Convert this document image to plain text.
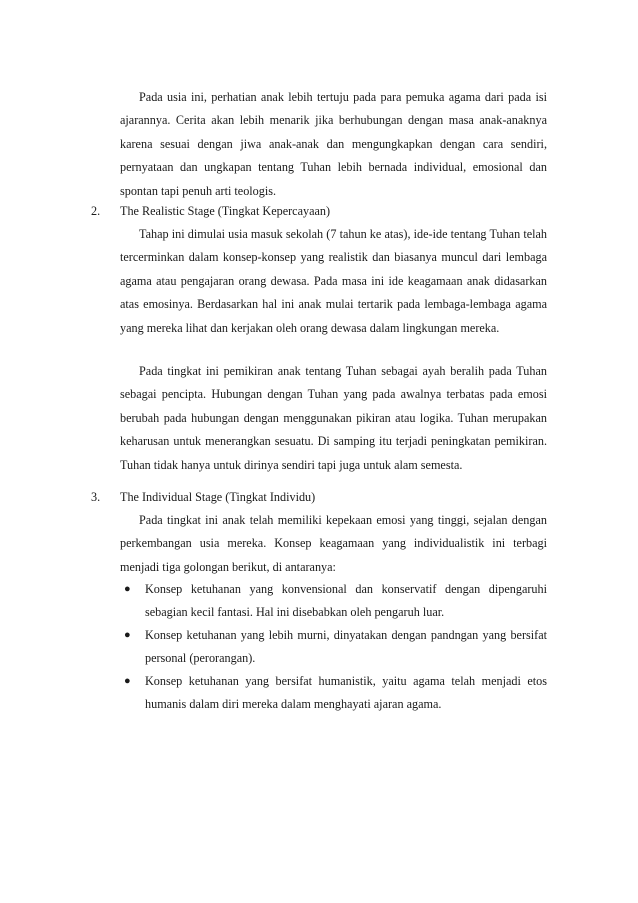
Pada usia ini, perhatian anak lebih tertuju pada para pemuka agama dari pada isi ajarannya. Cerita akan lebih menarik jika berhubungan dengan masa anak-anaknya karena sesuai dengan jiwa anak-anak dan mengungkapkan dengan cara sendiri, pernyataan dan ungkapan tentang Tuhan lebih bernada individual, emosional dan spontan tapi penuh arti teologis.

2. The Realistic Stage (Tingkat Kepercayaan)

Tahap ini dimulai usia masuk sekolah (7 tahun ke atas), ide-ide tentang Tuhan telah tercerminkan dalam konsep-konsep yang realistik dan biasanya muncul dari lembaga agama atau pengajaran orang dewasa. Pada masa ini ide keagamaan anak didasarkan atas emosinya. Berdasarkan hal ini anak mulai tertarik pada lembaga-lembaga agama yang mereka lihat dan kerjakan oleh orang dewasa dalam lingkungan mereka.

Pada tingkat ini pemikiran anak tentang Tuhan sebagai ayah beralih pada Tuhan sebagai pencipta. Hubungan dengan Tuhan yang pada awalnya terbatas pada emosi berubah pada hubungan dengan menggunakan pikiran atau logika. Tuhan merupakan keharusan untuk menerangkan sesuatu. Di samping itu terjadi peningkatan pemikiran. Tuhan tidak hanya untuk dirinya sendiri tapi juga untuk alam semesta.

3. The Individual Stage (Tingkat Individu)

Pada tingkat ini anak telah memiliki kepekaan emosi yang tinggi, sejalan dengan perkembangan usia mereka. Konsep keagamaan yang individualistik ini terbagi menjadi tiga golongan berikut, di antaranya:

●	Konsep ketuhanan yang konvensional dan konservatif dengan dipengaruhi sebagian kecil fantasi. Hal ini disebabkan oleh pengaruh luar.
●	Konsep ketuhanan yang lebih murni, dinyatakan dengan pandngan yang bersifat personal (perorangan).
●	Konsep ketuhanan yang bersifat humanistik, yaitu agama telah menjadi etos humanis dalam diri mereka dalam menghayati ajaran agama.
